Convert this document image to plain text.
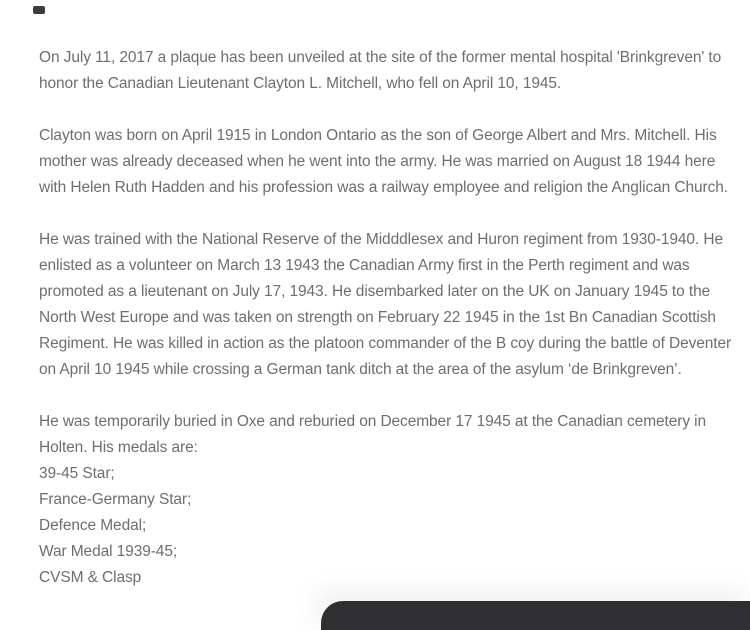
On July 11, 2017 a plaque has been unveiled at the site of the former mental hospital 'Brinkgreven' to
honor the Canadian Lieutenant Clayton L. Mitchell, who fell on April 10, 1945.
Clayton was born on April 1915 in London Ontario as the son of George Albert and Mrs. Mitchell. His
mother was already deceased when he went into the army. He was married on August 18 1944 here
with Helen Ruth Hadden and his profession was a railway employee and religion the Anglican Church.
He was trained with the National Reserve of the Midddlesex and Huron regiment from 1930-1940. He
enlisted as a volunteer on March 13 1943 the Canadian Army first in the Perth regiment and was
promoted as a lieutenant on July 17, 1943. He disembarked later on the UK on January 1945 to the
North West Europe and was taken on strength on February 22 1945 in the 1st Bn Canadian Scottish
Regiment. He was killed in action as the platoon commander of the B coy during the battle of Deventer
on April 10 1945 while crossing a German tank ditch at the area of the asylum ‘de Brinkgreven’.
He was temporarily buried in Oxe and reburied on December 17 1945 at the Canadian cemetery in
Holten. His medals are:
39-45 Star;
France-Germany Star;
Defence Medal;
War Medal 1939-45;
CVSM & Clasp
